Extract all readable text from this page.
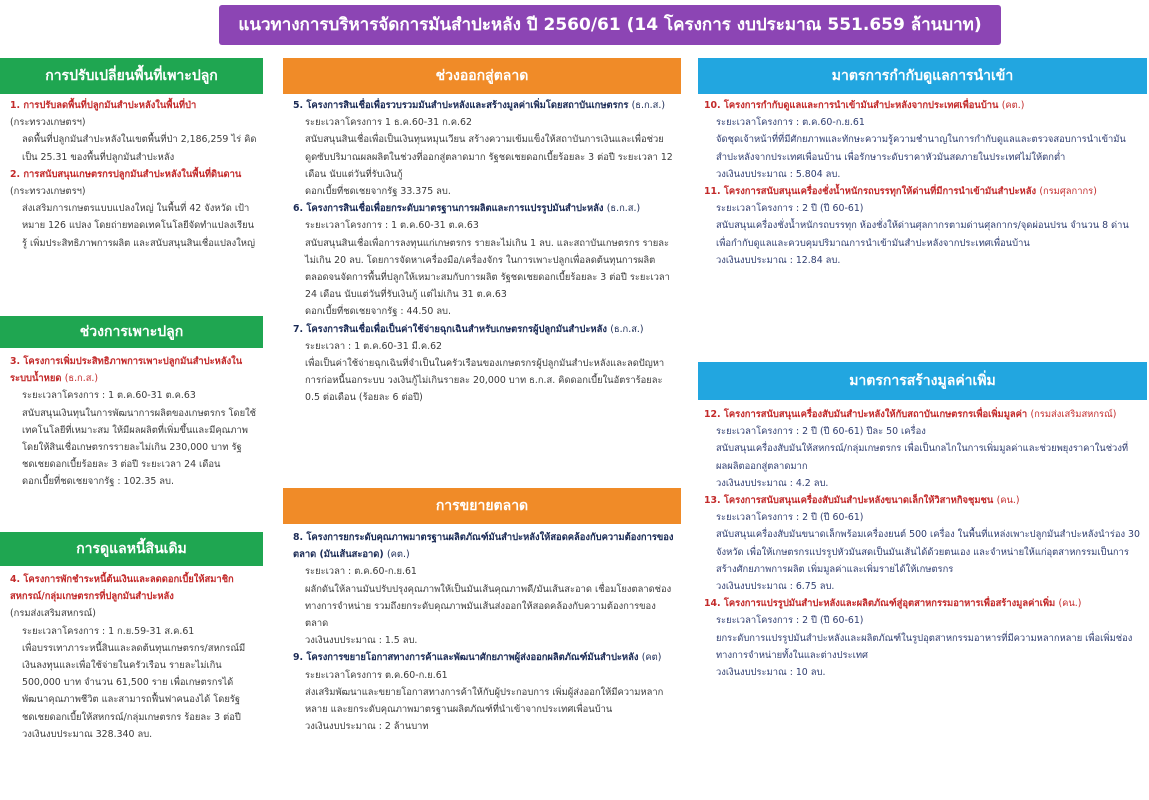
แนวทางการบริหารจัดการมันสำปะหลัง ปี 2560/61 (14 โครงการ งบประมาณ 551.659 ล้านบาท)
การปรับเปลี่ยนพื้นที่เพาะปลูก

1. การปรับลดพื้นที่ปลูกมันสำปะหลังในพื้นที่ป่า

(กระทรวงเกษตรฯ)

ลดพื้นที่ปลูกมันสำปะหลังในเขตพื้นที่ป่า 2,186,259 ไร่ คิดเป็น 25.31 ของพื้นที่ปลูกมันสำปะหลัง

2. การสนับสนุนเกษตรกรปลูกมันสำปะหลังในพื้นที่ดินดาน

(กระทรวงเกษตรฯ)

ส่งเสริมการเกษตรแบบแปลงใหญ่ ในพื้นที่ 42 จังหวัด เป้าหมาย 126 แปลง โดยถ่ายทอดเทคโนโลยีจัดทำแปลงเรียนรู้ เพิ่มประสิทธิภาพการผลิต และสนับสนุนสินเชื่อแปลงใหญ่

ช่วงการเพาะปลูก

3. โครงการเพิ่มประสิทธิภาพการเพาะปลูกมันสำปะหลังในระบบน้ำหยด (ธ.ก.ส.)

ระยะเวลาโครงการ : 1 ต.ค.60-31 ต.ค.63

สนับสนุนเงินทุนในการพัฒนาการผลิตของเกษตรกร โดยใช้เทคโนโลยีที่เหมาะสม ให้มีผลผลิตที่เพิ่มขึ้นและมีคุณภาพ โดยให้สินเชื่อเกษตรกรรายละไม่เกิน 230,000 บาท รัฐชดเชยดอกเบี้ยร้อยละ 3 ต่อปี ระยะเวลา 24 เดือน

ดอกเบี้ยที่ชดเชยจากรัฐ : 102.35 ลบ.

การดูแลหนี้สินเดิม

4. โครงการพักชำระหนี้ต้นเงินและลดดอกเบี้ยให้สมาชิกสหกรณ์/กลุ่มเกษตรกรที่ปลูกมันสำปะหลัง

(กรมส่งเสริมสหกรณ์)

ระยะเวลาโครงการ : 1 ก.ย.59-31 ส.ค.61

เพื่อบรรเทาภาระหนี้สินและลดต้นทุนเกษตรกร/สหกรณ์มีเงินลงทุนและเพื่อใช้จ่ายในครัวเรือน รายละไม่เกิน 500,000 บาท จำนวน 61,500 ราย เพื่อเกษตรกรได้พัฒนาคุณภาพชีวิต และสามารถฟื้นฟาคนองได้ โดยรัฐชดเชยดอกเบี้ยให้สหกรณ์/กลุ่มเกษตรกร ร้อยละ 3 ต่อปี

วงเงินงบประมาณ 328.340 ลบ.

ช่วงออกสู่ตลาด

5. โครงการสินเชื่อเพื่อรวบรวมมันสำปะหลังและสร้างมูลค่าเพิ่มโดยสถาบันเกษตรกร (ธ.ก.ส.)

ระยะเวลาโครงการ 1 ธ.ค.60-31 ก.ค.62

สนับสนุนสินเชื่อเพื่อเป็นเงินทุนหมุนเวียน สร้างความเข้มแข็งให้สถาบันการเงินและเพื่อช่วยดูดซับปริมาณผลผลิตในช่วงที่ออกสู่ตลาดมาก รัฐชดเชยดอกเบี้ยร้อยละ 3 ต่อปี ระยะเวลา 12 เดือน นับแต่วันที่รับเงินกู้

ดอกเบี้ยที่ชดเชยจากรัฐ 33.375 ลบ.

6. โครงการสินเชื่อเพื่อยกระดับมาตรฐานการผลิตและการแปรรูปมันสำปะหลัง (ธ.ก.ส.)

ระยะเวลาโครงการ : 1 ต.ค.60-31 ต.ค.63

สนับสนุนสินเชื่อเพื่อการลงทุนแก่เกษตรกร รายละไม่เกิน 1 ลบ. และสถาบันเกษตรกร รายละไม่เกิน 20 ลบ. โดยการจัดหาเครื่องมือ/เครื่องจักร ในการเพาะปลูกเพื่อลดต้นทุนการผลิตตลอดจนจัดการพื้นที่ปลูกให้เหมาะสมกับการผลิต รัฐชดเชยดอกเบี้ยร้อยละ 3 ต่อปี ระยะเวลา 24 เดือน นับแต่วันที่รับเงินกู้ แต่ไม่เกิน 31 ต.ค.63

ดอกเบี้ยที่ชดเชยจากรัฐ : 44.50 ลบ.

7. โครงการสินเชื่อเพื่อเป็นค่าใช้จ่ายฉุกเฉินสำหรับเกษตรกรผู้ปลูกมันสำปะหลัง (ธ.ก.ส.)

ระยะเวลา : 1 ต.ค.60-31 มี.ค.62

เพื่อเป็นค่าใช้จ่ายฉุกเฉินที่จำเป็นในครัวเรือนของเกษตรกรผู้ปลูกมันสำปะหลังและลดปัญหาการก่อหนี้นอกระบบ วงเงินกู้ไม่เกินรายละ 20,000 บาท ธ.ก.ส. คิดดอกเบี้ยในอัตราร้อยละ 0.5 ต่อเดือน (ร้อยละ 6 ต่อปี)

การขยายตลาด

8. โครงการยกระดับคุณภาพมาตรฐานผลิตภัณฑ์มันสำปะหลังให้สอดคล้องกับความต้องการของตลาด (มันเส้นสะอาด) (คต.)

ระยะเวลา : ต.ค.60-ก.ย.61

ผลักดันให้ลานมันปรับปรุงคุณภาพให้เป็นมันเส้นคุณภาพดี/มันเส้นสะอาด เชื่อมโยงตลาดช่องทางการจำหน่าย รวมถึงยกระดับคุณภาพมันเส้นส่งออกให้สอดคล้องกับความต้องการของตลาด

วงเงินงบประมาณ : 1.5 ลบ.

9. โครงการขยายโอกาสทางการค้าและพัฒนาศักยภาพผู้ส่งออกผลิตภัณฑ์มันสำปะหลัง (คต)

ระยะเวลาโครงการ ต.ค.60-ก.ย.61

ส่งเสริมพัฒนาและขยายโอกาสทางการค้าให้กับผู้ประกอบการ เพิ่มผู้ส่งออกให้มีความหลากหลาย และยกระดับคุณภาพมาตรฐานผลิตภัณฑ์ที่นำเข้าจากประเทศเพื่อนบ้าน

วงเงินงบประมาณ : 2 ล้านบาท

มาตรการกำกับดูแลการนำเข้า

10. โครงการกำกับดูแลและการนำเข้ามันสำปะหลังจากประเทศเพื่อนบ้าน (คต.)

ระยะเวลาโครงการ : ต.ค.60-ก.ย.61

จัดชุดเจ้าหน้าที่ที่มีศักยภาพและทักษะความรู้ความชำนาญในการกำกับดูแลและตรวจสอบการนำเข้ามันสำปะหลังจากประเทศเพื่อนบ้าน เพื่อรักษาระดับราคาหัวมันสดภายในประเทศไม่ให้ตกต่ำ

วงเงินงบประมาณ : 5.804 ลบ.

11. โครงการสนับสนุนเครื่องชั่งน้ำหนักรถบรรทุกให้ด่านที่มีการนำเข้ามันสำปะหลัง (กรมศุลกากร)

ระยะเวลาโครงการ : 2 ปี (ปี 60-61)

สนับสนุนเครื่องชั่งน้ำหนักรถบรรทุก ห้องชั่งให้ด่านศุลกากรตามด่านศุลกากร/จุดผ่อนปรน จำนวน 8 ด่าน เพื่อกำกับดูแลและควบคุมปริมาณการนำเข้ามันสำปะหลังจากประเทศเพื่อนบ้าน

วงเงินงบประมาณ : 12.84 ลบ.

มาตรการสร้างมูลค่าเพิ่ม

12. โครงการสนับสนุนเครื่องสับมันสำปะหลังให้กับสถาบันเกษตรกรเพื่อเพิ่มมูลค่า (กรมส่งเสริมสหกรณ์)

ระยะเวลาโครงการ : 2 ปี (ปี 60-61) ปีละ 50 เครื่อง

สนับสนุนเครื่องสับมันให้สหกรณ์/กลุ่มเกษตรกร เพื่อเป็นกลไกในการเพิ่มมูลค่าและช่วยพยุงราคาในช่วงที่ผลผลิตออกสู่ตลาดมาก

วงเงินงบประมาณ : 4.2 ลบ.

13. โครงการสนับสนุนเครื่องสับมันสำปะหลังขนาดเล็กให้วิสาหกิจชุมชน (คน.)

ระยะเวลาโครงการ : 2 ปี (ปี 60-61)

สนับสนุนเครื่องสับมันขนาดเล็กพร้อมเครื่องยนต์ 500 เครื่อง ในพื้นที่แหล่งเพาะปลูกมันสำปะหลังนำร่อง 30 จังหวัด เพื่อให้เกษตรกรแปรรูปหัวมันสดเป็นมันเส้นได้ด้วยตนเอง และจำหน่ายให้แก่อุตสาหกรรมเป็นการสร้างศักยภาพการผลิต เพิ่มมูลค่าและเพิ่มรายได้ให้เกษตรกร

วงเงินงบประมาณ : 6.75 ลบ.

14. โครงการแปรรูปมันสำปะหลังและผลิตภัณฑ์สู่อุตสาหกรรมอาหารเพื่อสร้างมูลค่าเพิ่ม (คน.)

ระยะเวลาโครงการ : 2 ปี (ปี 60-61)

ยกระดับการแปรรูปมันสำปะหลังและผลิตภัณฑ์ในรูปอุตสาหกรรมอาหารที่มีความหลากหลาย เพื่อเพิ่มช่องทางการจำหน่ายทั้งในและต่างประเทศ

วงเงินงบประมาณ : 10 ลบ.
